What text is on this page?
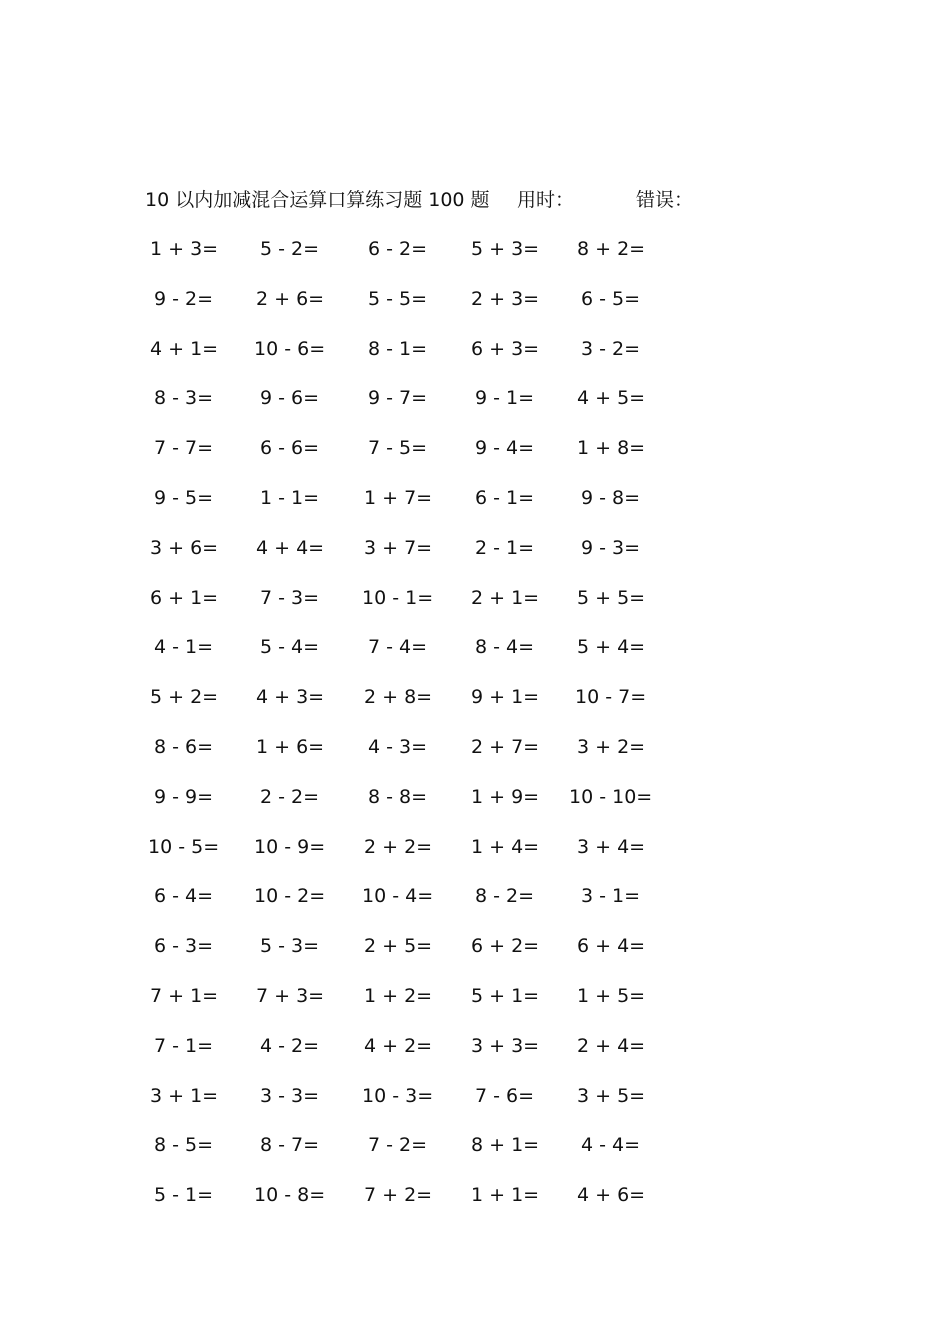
10 以内加减混合运算口算练习题 100 题 用时：	错误：
1 + 3= 5 - 2=	6 - 2= 5 + 3= 8 + 2=
9 - 2= 2 + 6= 5 - 5= 2 + 3= 6 - 5=
4 + 1= 10 - 6= 8 - 1= 6 + 3= 3 - 2=
8 - 3= 9 - 6=	9 - 7=	9 - 1= 4 + 5=
7 - 7= 6 - 6=	7 - 5=	9 - 4= 1 + 8=
9 - 5= 1 - 1= 1 + 7= 6 - 1= 9 - 8=
3 + 6= 4 + 4= 3 + 7= 2 - 1= 9 - 3=
6 + 1= 7 - 3= 10 - 1= 2 + 1= 5 + 5=
4 - 1= 5 - 4=	7 - 4=	8 - 4= 5 + 4=
5 + 2= 4 + 3= 2 + 8= 9 + 1= 10 - 7=
8 - 6= 1 + 6= 4 - 3= 2 + 7= 3 + 2=
9 - 9= 2 - 2=	8 - 8= 1 + 9= 10 - 10=
10 - 5= 10 - 9= 2 + 2= 1 + 4= 3 + 4=
6 - 4= 10 - 2= 10 - 4= 8 - 2= 3 - 1=
6 - 3= 5 - 3= 2 + 5= 6 + 2= 6 + 4=
7 + 1= 7 + 3= 1 + 2= 5 + 1= 1 + 5=
7 - 1= 4 - 2= 4 + 2= 3 + 3= 2 + 4=
3 + 1= 3 - 3= 10 - 3= 7 - 6= 3 + 5=
8 - 5= 8 - 7=	7 - 2= 8 + 1= 4 - 4=
5 - 1= 10 - 8= 7 + 2= 1 + 1= 4 + 6=
